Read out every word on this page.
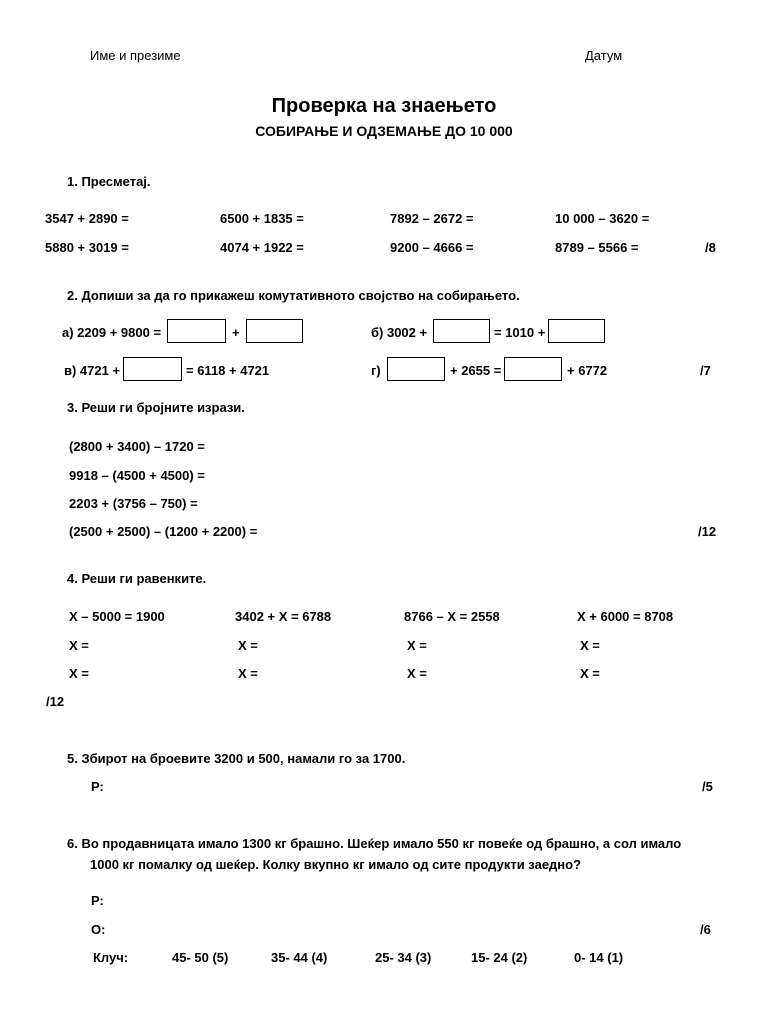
Име и презиме	Датум
Проверка на знаењето
СОБИРАЊЕ И ОДЗЕМАЊЕ ДО 10 000
1. Пресметај.
3547 + 2890 =	6500 + 1835 =	7892 – 2672 =	10 000 – 3620 =
5880 + 3019 =	4074 + 1922 =	9200 – 4666 =	8789 – 5566 =	/8
2. Допиши за да го прикажеш комутативното својство на собирањето.
а) 2209 + 9800 =	+	б) 3002 +	= 1010 +
в) 4721 +	= 6118 + 4721	г)	+ 2655 =	+ 6772	/7
3. Реши ги бројните изрази.
(2800 + 3400) – 1720 =
9918 – (4500 + 4500) =
2203 + (3756 – 750) =
(2500 + 2500) – (1200 + 2200) =	/12
4. Реши ги равенките.
X – 5000 = 1900	3402 + X = 6788	8766 – X = 2558	X + 6000 = 8708
X =	X =	X =	X =
X =	X =	X =	X =
/12
5. Збирот на броевите 3200 и 500, намали го за 1700.
Р:	/5
6. Во продавницата имало 1300 кг брашно. Шеќер имало 550 кг повеќе од брашно, а сол имало
1000 кг помалку од шеќер. Колку вкупно кг имало од сите продукти заедно?
Р:
О:	/6
Клуч:	45- 50 (5)	35- 44 (4)	25- 34 (3)	15- 24 (2)	0- 14 (1)
